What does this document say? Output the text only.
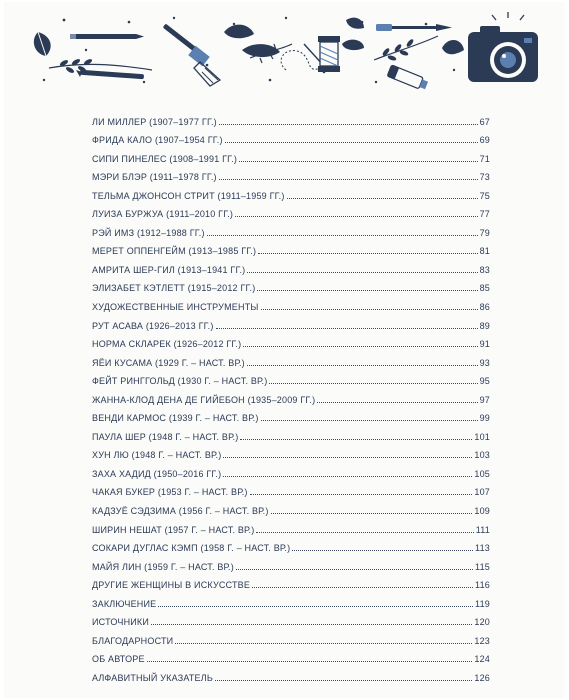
ЛИ МИЛЛЕР (1907–1977 ГГ.)	67
ФРИДА КАЛО (1907–1954 ГГ.)	69
СИПИ ПИНЕЛЕС (1908–1991 ГГ.)	71
МЭРИ БЛЭР (1911–1978 ГГ.)	73
ТЕЛЬМА ДЖОНСОН СТРИТ (1911–1959 ГГ.)	75
ЛУИЗА БУРЖУА (1911–2010 ГГ.)	77
РЭЙ ИМЗ (1912–1988 ГГ.)	79
МЕРЕТ ОППЕНГЕЙМ (1913–1985 ГГ.)	81
АМРИТА ШЕР-ГИЛ (1913–1941 ГГ.)	83
ЭЛИЗАБЕТ КЭТЛЕТТ (1915–2012 ГГ.)	85
ХУДОЖЕСТВЕННЫЕ ИНСТРУМЕНТЫ	86
РУТ АСАВА (1926–2013 ГГ.)	89
НОРМА СКЛАРЕК (1926–2012 ГГ.)	91
ЯЁИ КУСАМА (1929 Г. – НАСТ. ВР.)	93
ФЕЙТ РИНГГОЛЬД (1930 Г. – НАСТ. ВР.)	95
ЖАННА-КЛОД ДЕНА ДЕ ГИЙЕБОН (1935–2009 ГГ.)	97
ВЕНДИ КАРМОС (1939 Г. – НАСТ. ВР.)	99
ПАУЛА ШЕР (1948 Г. – НАСТ. ВР.)	101
ХУН ЛЮ (1948 Г. – НАСТ. ВР.)	103
ЗАХА ХАДИД (1950–2016 ГГ.)	105
ЧАКАЯ БУКЕР (1953 Г. – НАСТ. ВР.)	107
КАДЗУЁ СЭДЗИМА (1956 Г. – НАСТ. ВР.)	109
ШИРИН НЕШАТ (1957 Г. – НАСТ. ВР.)	111
СОКАРИ ДУГЛАС КЭМП (1958 Г. – НАСТ. ВР.)	113
МАЙЯ ЛИН (1959 Г. – НАСТ. ВР.)	115
ДРУГИЕ ЖЕНЩИНЫ В ИСКУССТВЕ	116
ЗАКЛЮЧЕНИЕ	119
ИСТОЧНИКИ	120
БЛАГОДАРНОСТИ	123
ОБ АВТОРЕ	124
АЛФАВИТНЫЙ УКАЗАТЕЛЬ	126
